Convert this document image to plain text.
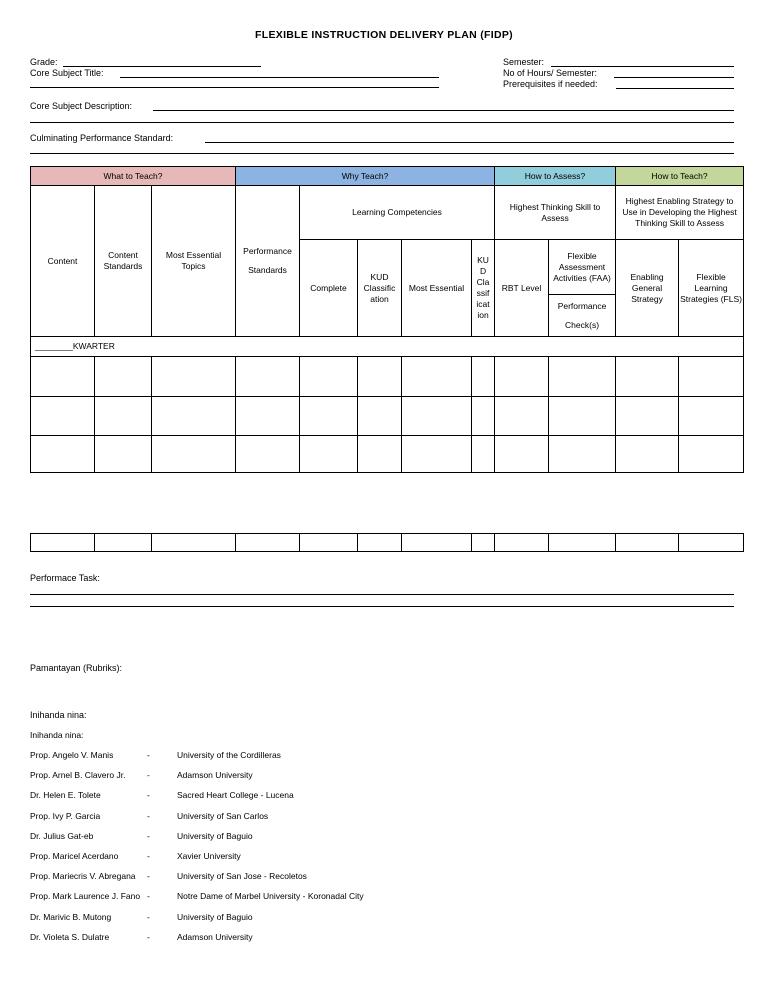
FLEXIBLE INSTRUCTION DELIVERY PLAN (FIDP)
Grade:
Core Subject Title:
Semester:
No of Hours/ Semester:
Prerequisites if needed:
Core Subject Description:
Culminating Performance Standard:
What to Teach?			Why Teach?					How to Assess?		How to Teach?	
Content	Content Standards	Most Essential Topics	Performance
Standards	Learning Competencies				Highest Thinking Skill to Assess		Highest Enabling Strategy to Use in Developing the Highest Thinking Skill to Assess	
				Complete	KUD Classific ation	Most Essential	KU D Cla ssif icat ion	RBT Level	Flexible Assessment Activities (FAA)	Enabling General Strategy	Flexible Learning Strategies (FLS)

									Performance
Check(s)		

________KWARTER											

Performace Task:
Pamantayan (Rubriks):
Inihanda nina:
Inihanda nina:
Prop. Angelo V. Manis	-	University of the Cordilleras
Prop. Arnel B. Clavero Jr.	-	Adamson University
Dr. Helen E. Tolete	-	Sacred Heart College - Lucena
Prop. Ivy P. Garcia	-	University of San Carlos
Dr. Julius Gat-eb	-	University of Baguio
Prop. Maricel Acerdano	-	Xavier University
Prop. Mariecris V. Abregana -	University of San Jose - Recoletos
Prop. Mark Laurence J. Fano -	Notre Dame of Marbel University - Koronadal City
Dr. Marivic B. Mutong	-	University of Baguio
Dr. Violeta S. Dulatre	-	Adamson University
